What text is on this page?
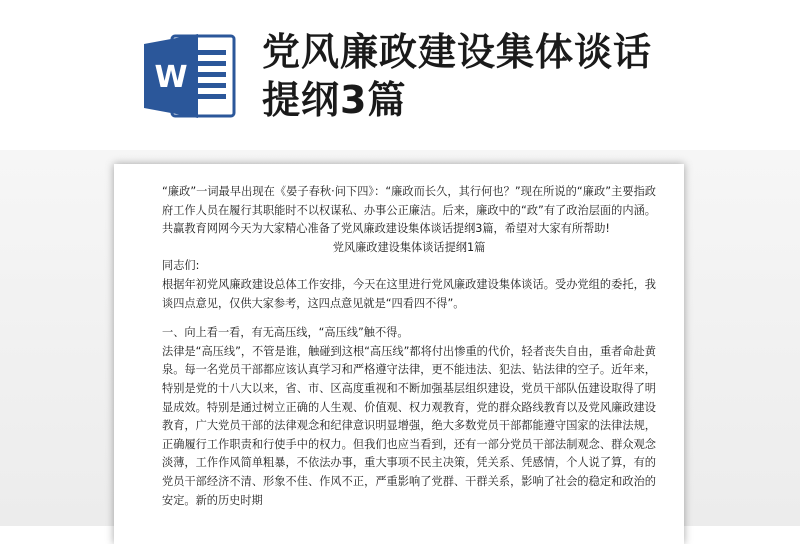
W
党风廉政建设集体谈话提纲3篇

“廉政”一词最早出现在《晏子春秋·问下四》：“廉政而长久，其行何也？”现在所说的“廉政”主要指政府工作人员在履行其职能时不以权谋私、办事公正廉洁。后来，廉政中的“政”有了政治层面的内涵。共赢教育网网今天为大家精心准备了党风廉政建设集体谈话提纲3篇，希望对大家有所帮助!

党风廉政建设集体谈话提纲1篇

同志们:

根据年初党风廉政建设总体工作安排，今天在这里进行党风廉政建设集体谈话。受办党组的委托，我谈四点意见，仅供大家参考，这四点意见就是“四看四不得”。

一、向上看一看，有无高压线，“高压线”触不得。

法律是“高压线”，不管是谁，触碰到这根“高压线”都将付出惨重的代价，轻者丧失自由，重者命赴黄泉。每一名党员干部都应该认真学习和严格遵守法律，更不能违法、犯法、钻法律的空子。近年来，特别是党的十八大以来，省、市、区高度重视和不断加强基层组织建设，党员干部队伍建设取得了明显成效。特别是通过树立正确的人生观、价值观、权力观教育，党的群众路线教育以及党风廉政建设教育，广大党员干部的法律观念和纪律意识明显增强，绝大多数党员干部都能遵守国家的法律法规，正确履行工作职责和行使手中的权力。但我们也应当看到，还有一部分党员干部法制观念、群众观念淡薄，工作作风简单粗暴，不依法办事，重大事项不民主决策，凭关系、凭感情，个人说了算，有的党员干部经济不清、形象不佳、作风不正，严重影响了党群、干群关系，影响了社会的稳定和政治的安定。新的历史时期
